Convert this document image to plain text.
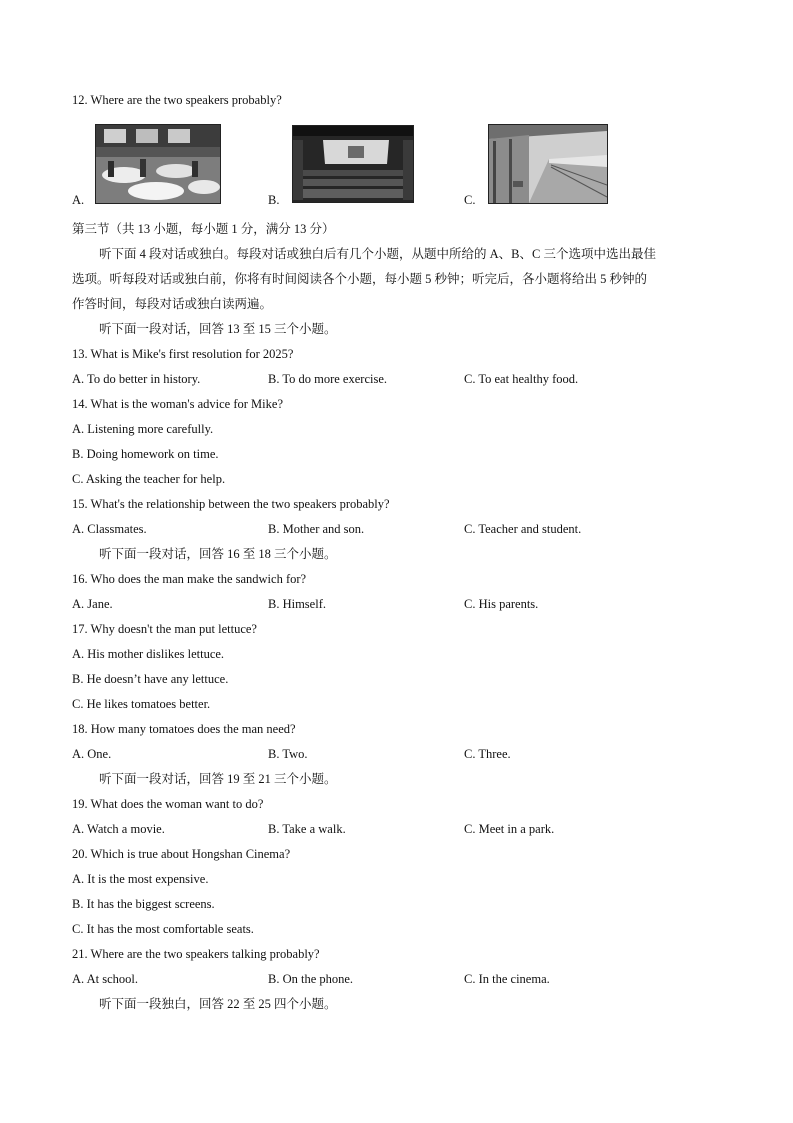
12. Where are the two speakers probably?
A.	B.	C.
第三节（共 13 小题，每小题 1 分，满分 13 分）
听下面 4 段对话或独白。每段对话或独白后有几个小题，从题中所给的 A、B、C 三个选项中选出最佳
选项。听每段对话或独白前，你将有时间阅读各个小题，每小题 5 秒钟；听完后，各小题将给出 5 秒钟的
作答时间，每段对话或独白读两遍。
听下面一段对话，回答 13 至 15 三个小题。
13. What is Mike's first resolution for 2025?
A. To do better in history.	B. To do more exercise.	C. To eat healthy food.
14. What is the woman's advice for Mike?
A. Listening more carefully.
B. Doing homework on time.
C. Asking the teacher for help.
15. What's the relationship between the two speakers probably?
A. Classmates.	B. Mother and son.	C. Teacher and student.
听下面一段对话，回答 16 至 18 三个小题。
16. Who does the man make the sandwich for?
A. Jane.	B. Himself.	C. His parents.
17. Why doesn't the man put lettuce?
A. His mother dislikes lettuce.
B. He doesn’t have any lettuce.
C. He likes tomatoes better.
18. How many tomatoes does the man need?
A. One.	B. Two.	C. Three.
听下面一段对话，回答 19 至 21 三个小题。
19. What does the woman want to do?
A. Watch a movie.	B. Take a walk.	C. Meet in a park.
20. Which is true about Hongshan Cinema?
A. It is the most expensive.
B. It has the biggest screens.
C. It has the most comfortable seats.
21. Where are the two speakers talking probably?
A. At school.	B. On the phone.	C. In the cinema.
听下面一段独白，回答 22 至 25 四个小题。
